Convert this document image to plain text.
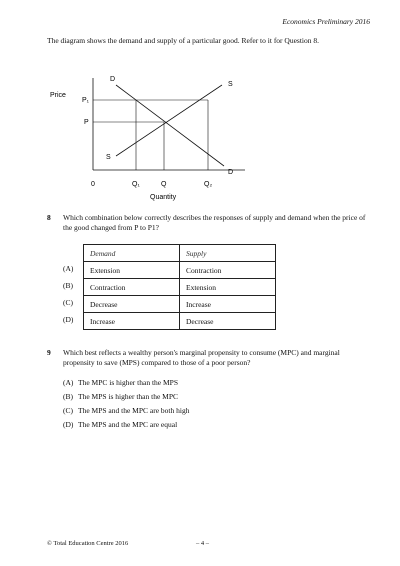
Economics Preliminary 2016
The diagram shows the demand and supply of a particular good. Refer to it for Question 8.
Price
P₁
P
0	Q₁	Q	Q₂
Quantity
D
D
S
S
8 Which combination below correctly describes the responses of supply and demand when the price of the good changed from P to P1?
Demand	Supply
Extension	Contraction
Contraction	Extension
Decrease	Increase
Increase	Decrease
(A)
(B)
(C)
(D)
9 Which best reflects a wealthy person's marginal propensity to consume (MPC) and marginal propensity to save (MPS) compared to those of a poor person?
(A) The MPC is higher than the MPS
(B) The MPS is higher than the MPC
(C) The MPS and the MPC are both high
(D) The MPS and the MPC are equal
© Total Education Centre 2016	– 4 –
